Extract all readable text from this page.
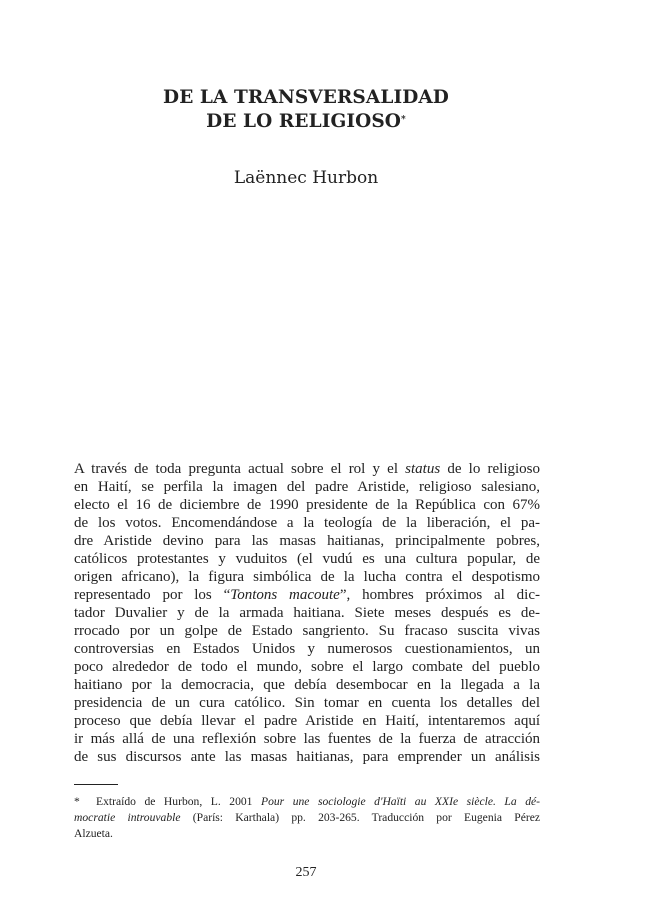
DE LA TRANSVERSALIDAD
DE LO RELIGIOSO*
Laënnec Hurbon
A través de toda pregunta actual sobre el rol y el status de lo religioso
en Haití, se perfila la imagen del padre Aristide, religioso salesiano,
electo el 16 de diciembre de 1990 presidente de la República con 67%
de los votos. Encomendándose a la teología de la liberación, el pa-
dre Aristide devino para las masas haitianas, principalmente pobres,
católicos protestantes y vuduitos (el vudú es una cultura popular, de
origen africano), la figura simbólica de la lucha contra el despotismo
representado por los “Tontons macoute”, hombres próximos al dic-
tador Duvalier y de la armada haitiana. Siete meses después es de-
rrocado por un golpe de Estado sangriento. Su fracaso suscita vivas
controversias en Estados Unidos y numerosos cuestionamientos, un
poco alrededor de todo el mundo, sobre el largo combate del pueblo
haitiano por la democracia, que debía desembocar en la llegada a la
presidencia de un cura católico. Sin tomar en cuenta los detalles del
proceso que debía llevar el padre Aristide en Haití, intentaremos aquí
ir más allá de una reflexión sobre las fuentes de la fuerza de atracción
de sus discursos ante las masas haitianas, para emprender un análisis
* Extraído de Hurbon, L. 2001 Pour une sociologie d'Haïti au XXIe siècle. La dé-
mocratie introuvable (París: Karthala) pp. 203-265. Traducción por Eugenia Pérez
Alzueta.
257
